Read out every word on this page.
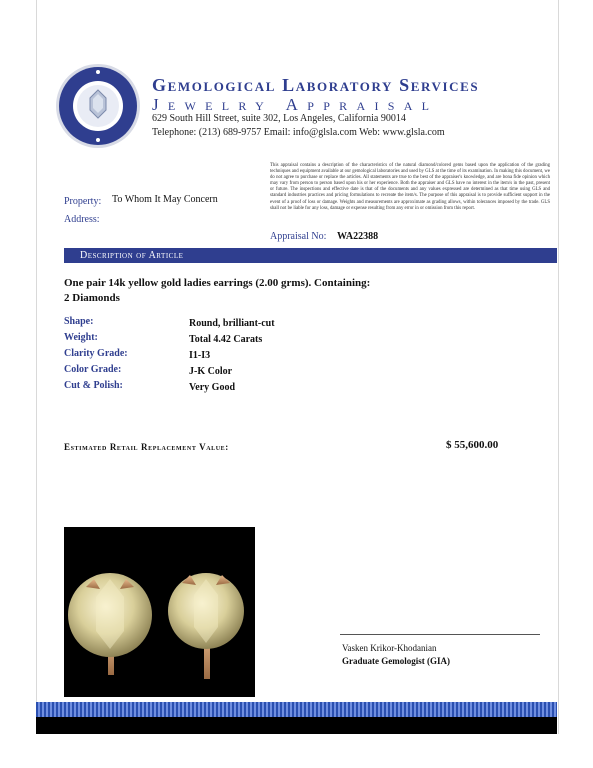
Gemological Laboratory Services
Jewelry Appraisal
629 South Hill Street, suite 302, Los Angeles, California 90014
Telephone: (213) 689-9757 Email: info@glsla.com Web: www.glsla.com
This appraisal contains a description of the characteristics of the natural diamond/colored gems based upon the application of the grading techniques and equipment available at our gemological laboratories and used by GLS at the time of its examination. In making this document, we do not agree to purchase or replace the articles. All statements are true to the best of the appraiser's knowledge, and are bona fide opinion which may vary from person to person based upon his or her experience. Both the appraiser and GLS have no interest in the item/s in the past, present or future. The inspections and effective date is that of the documents and any values expressed are determined as that time using GLS and standard industries practices and pricing formulations to recreate the item/s. The purpose of this appraisal is to provide sufficient support in the event of a proof of loss or damage. Weights and measurements are approximate as grading allows, within tolerances imposed by the trade. GLS shall not be liable for any loss, damage or expense resulting from any error in or omission from this report.
Property: To Whom It May Concern
Address:
Appraisal No: WA22388
Description of Article
One pair 14k yellow gold ladies earrings (2.00 grms). Containing:
2 Diamonds
Shape:	Round, brilliant-cut
Weight:	Total 4.42 Carats
Clarity Grade:	I1-I3
Color Grade:	J-K Color
Cut & Polish:	Very Good
Estimated Retail Replacement Value:	$ 55,600.00
Vasken Krikor-Khodanian
Graduate Gemologist (GIA)
